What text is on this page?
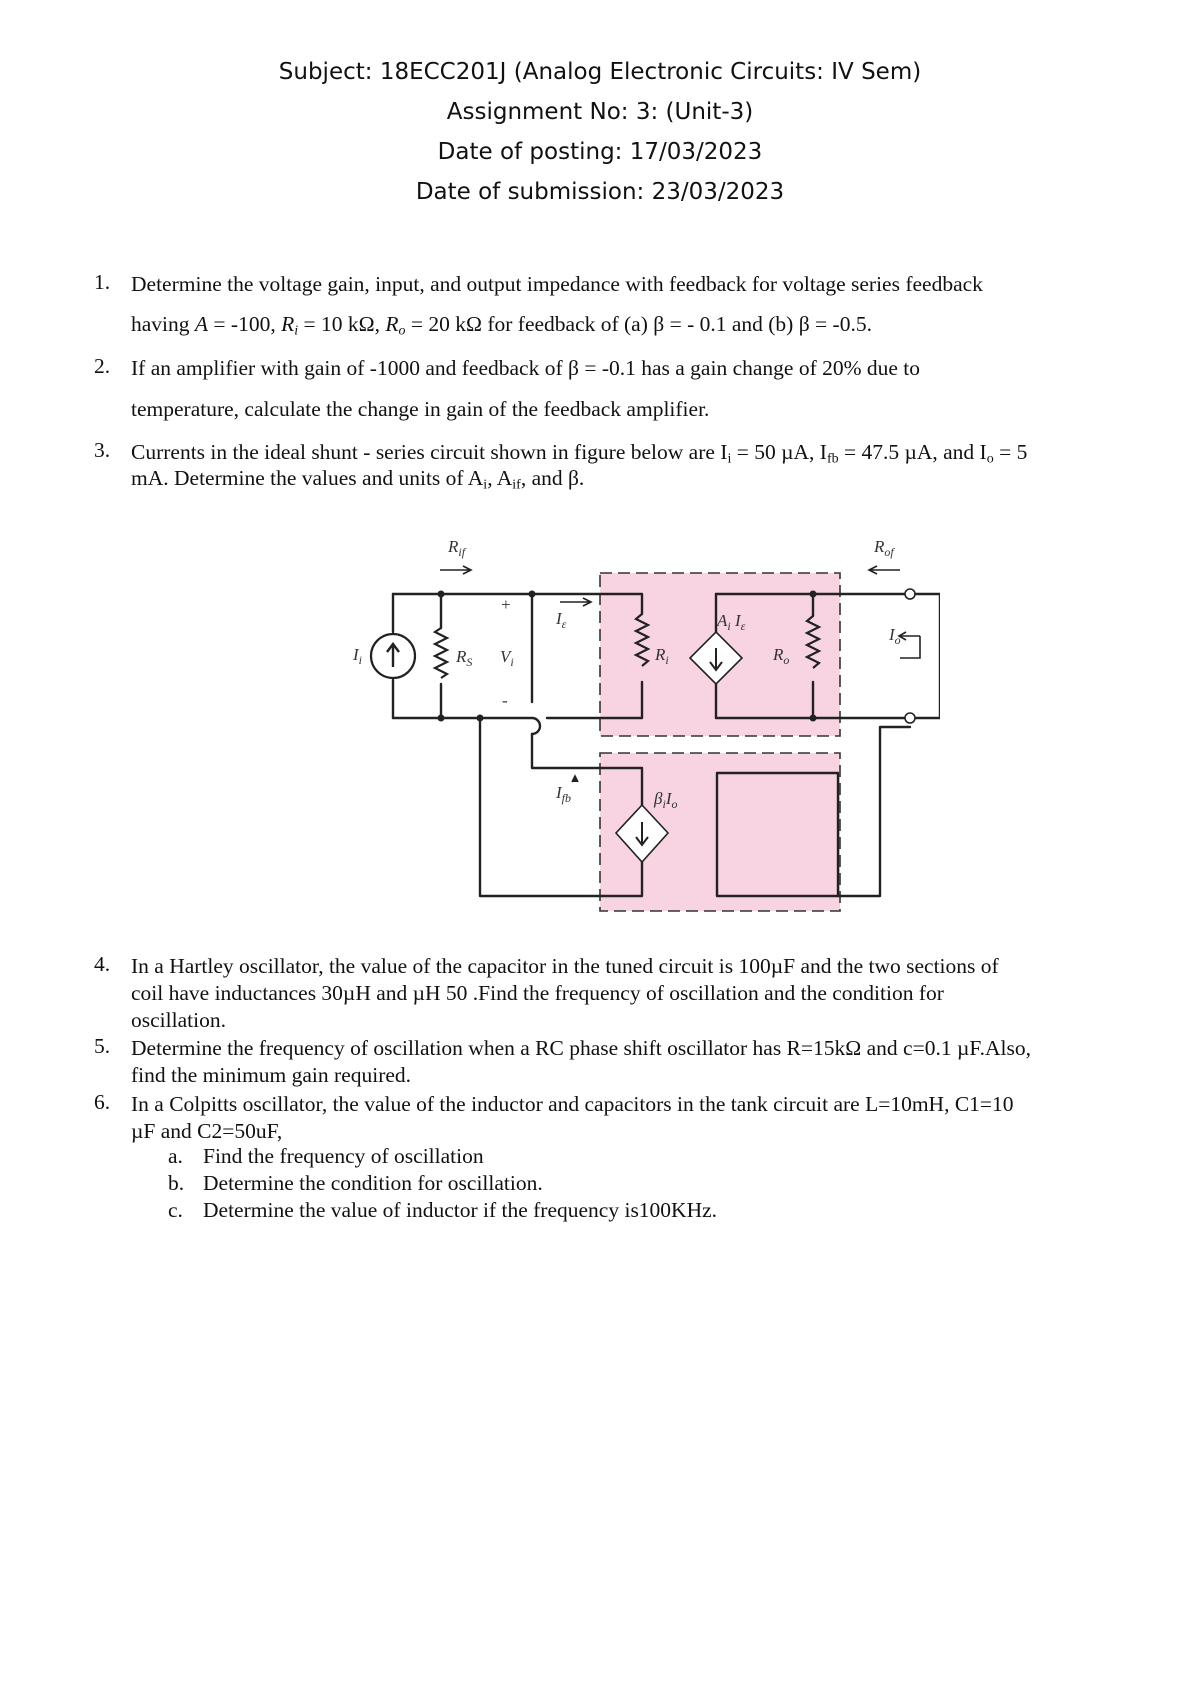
Subject: 18ECC201J (Analog Electronic Circuits: IV Sem)
Assignment No: 3: (Unit-3)
Date of posting: 17/03/2023
Date of submission: 23/03/2023
1. Determine the voltage gain, input, and output impedance with feedback for voltage series feedback
having A = -100, $R_i = 10$ kΩ, $R_o = 20$ kΩ for feedback of (a) β = - 0.1 and (b) β = -0.5.
2. If an amplifier with gain of -1000 and feedback of β = -0.1 has a gain change of 20% due to
temperature, calculate the change in gain of the feedback amplifier.
3. Currents in the ideal shunt - series circuit shown in figure below are $I_i = 50$ µA, $I_{fb} = 47.5$ µA, and $I_o = 5$
mA. Determine the values and units of $A_i$, $A_{if}$, and β.
$R_{if}$	$R_{of}$
$I_i$	$R_S$ $V_i$
+
-
$I_\varepsilon$
$R_i$
$A_i$ $I_\varepsilon$
$R_o$
$I_o$
$I_{fb}$	$\beta_iI_o$
4. In a Hartley oscillator, the value of the capacitor in the tuned circuit is 100µF and the two sections of
coil have inductances 30µH and µH 50 .Find the frequency of oscillation and the condition for
oscillation.
5. Determine the frequency of oscillation when a RC phase shift oscillator has R=15kΩ and c=0.1 µF.Also,
find the minimum gain required.
6. In a Colpitts oscillator, the value of the inductor and capacitors in the tank circuit are L=10mH, C1=10
µF and C2=50uF,
a. Find the frequency of oscillation
b. Determine the condition for oscillation.
c. Determine the value of inductor if the frequency is100KHz.
